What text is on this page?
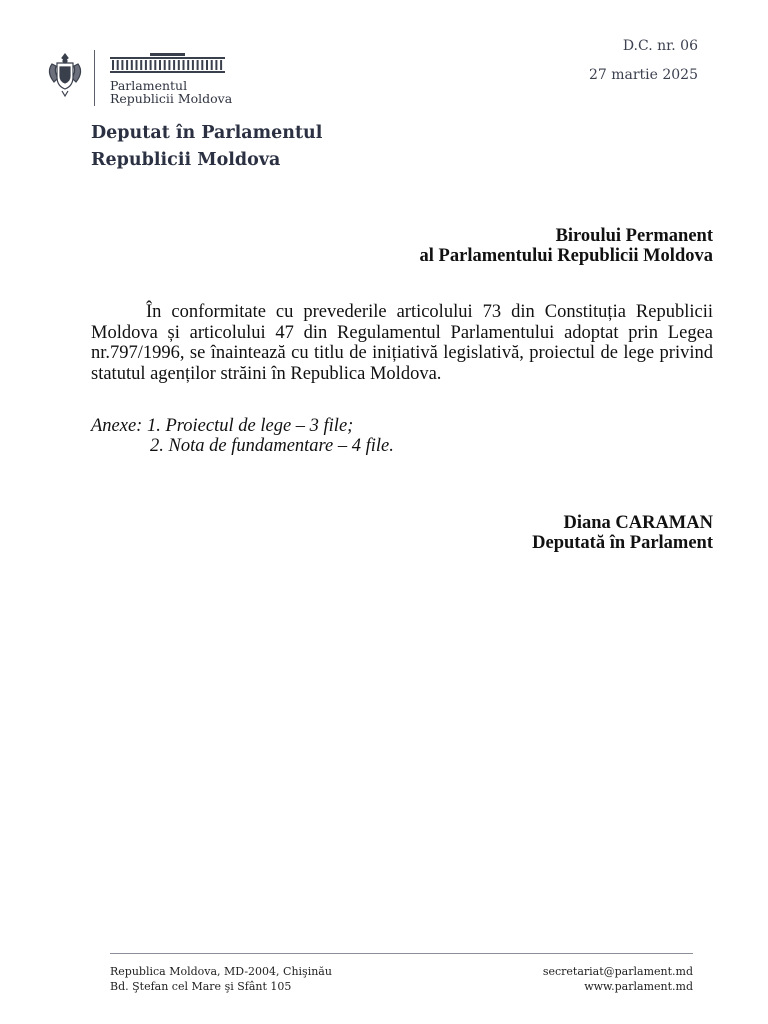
Parlamentul
Republicii Moldova
D.C. nr. 06
27 martie 2025
Deputat în Parlamentul
Republicii Moldova
Biroului Permanent
al Parlamentului Republicii Moldova
În conformitate cu prevederile articolului 73 din Constituția Republicii Moldova și articolului 47 din Regulamentul Parlamentului adoptat prin Legea nr.797/1996, se înaintează cu titlu de inițiativă legislativă, proiectul de lege privind statutul agenților străini în Republica Moldova.
Anexe: 1. Proiectul de lege – 3 file;
2. Nota de fundamentare – 4 file.
Diana CARAMAN
Deputată în Parlament
Republica Moldova, MD-2004, Chişinău
Bd. Ştefan cel Mare şi Sfânt 105
secretariat@parlament.md
www.parlament.md
